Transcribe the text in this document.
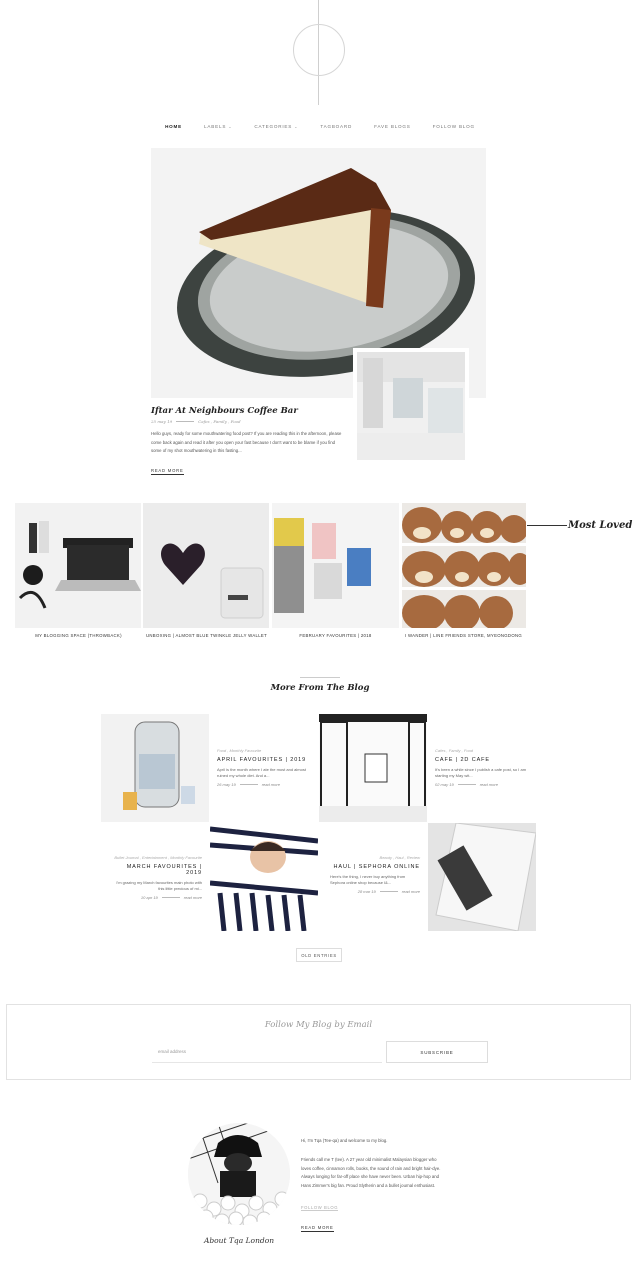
HOME	LABELS ⌄	CATEGORIES ⌄	TAGBOARD	FAVE BLOGS	FOLLOW BLOG
Iftar At Neighbours Coffee Bar
25 may 19	Cafes , Family , Food
Hello guys, ready for some mouthwatering food post? If you are reading this in the afternoon, please come back again and read it after you open your fast because I don't want to be blame if you find some of my shot mouthwatering in this fasting...
READ MORE
Most Loved
MY BLOGGING SPACE (THROWBACK)	UNBOXING | ALMOST BLUE TWINKLE JELLY WALLET	FEBRUARY FAVOURITES | 2018	I WANDER | LINE FRIENDS STORE, MYEONGDONG
More From The Blog
Food , Monthly Favourite
APRIL FAVOURITES | 2019
April is the month where I ate the most and almost ruined my whole diet. And a...
26 may 19	read more
Cafes , Family , Food
CAFE | 2D CAFE
It's been a while since I publish a cafe post, so I am starting my May wit...
02 may 19	read more
Bullet Journal , Entertainment , Monthly Favourite
MARCH FAVOURITES | 2019
I'm grazing my March favourites main photo with this little precious of mi...
10 apr 19	read more
Beauty , Haul , Review
HAUL | SEPHORA ONLINE
Here's the thing, I never buy anything from Sephora online shop because I&...
28 mar 19	read more
OLD ENTRIES
Follow My Blog by Email
email address	SUBSCRIBE
About Tqa London
Hi, I'm Tqa (Tee-qa) and welcome to my blog.
Friends call me T (tee). A 27 year old minimalist Malaysian blogger who loves coffee, cinnamon rolls, books, the sound of rain and bright hair-dye. Always longing for far-off place she have never been. Urban hip-hop and Hans Zimmer's big fan. Proud Slytherin and a bullet journal enthusiast.
FOLLOW BLOG
READ MORE
